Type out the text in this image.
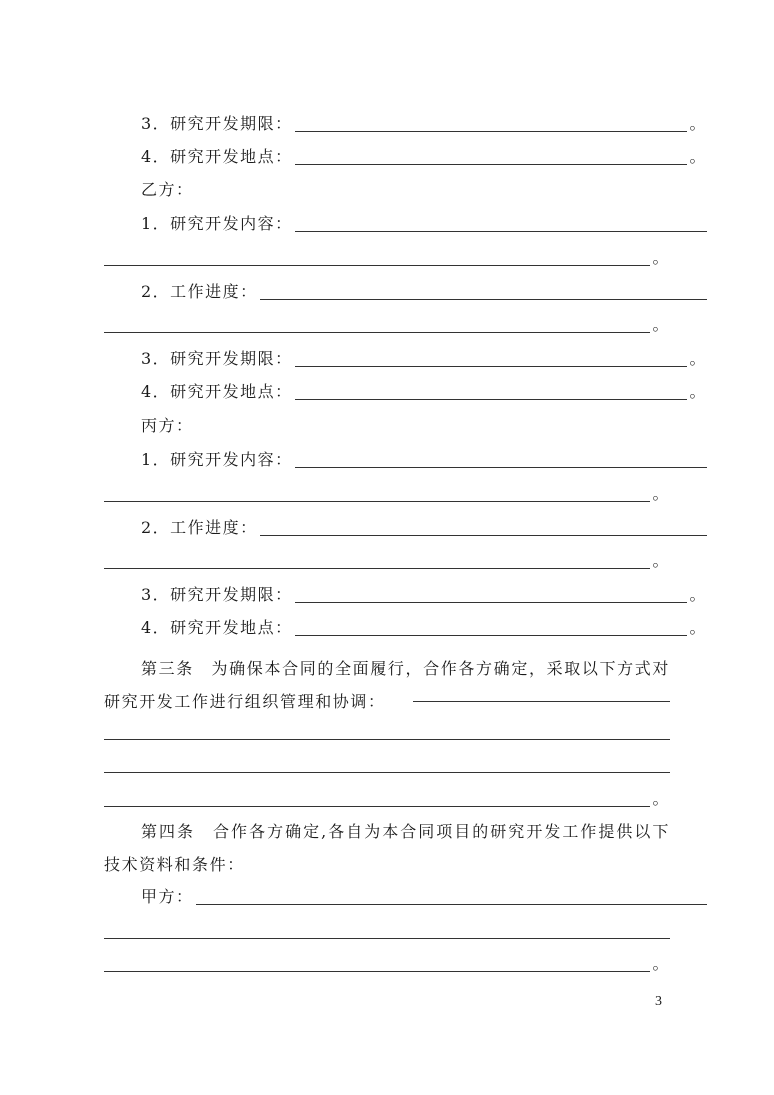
3．研究开发期限：	。
4．研究开发地点：	。
乙方：
1．研究开发内容：
。
2．工作进度：
。
3．研究开发期限：	。
4．研究开发地点：	。
丙方：
1．研究开发内容：
。
2．工作进度：
。
3．研究开发期限：	。
4．研究开发地点：	。
第三条　为确保本合同的全面履行，合作各方确定，采取以下方式对研究开发工作进行组织管理和协调：
。
第四条　合作各方确定,各自为本合同项目的研究开发工作提供以下技术资料和条件：
甲方：
。
3
